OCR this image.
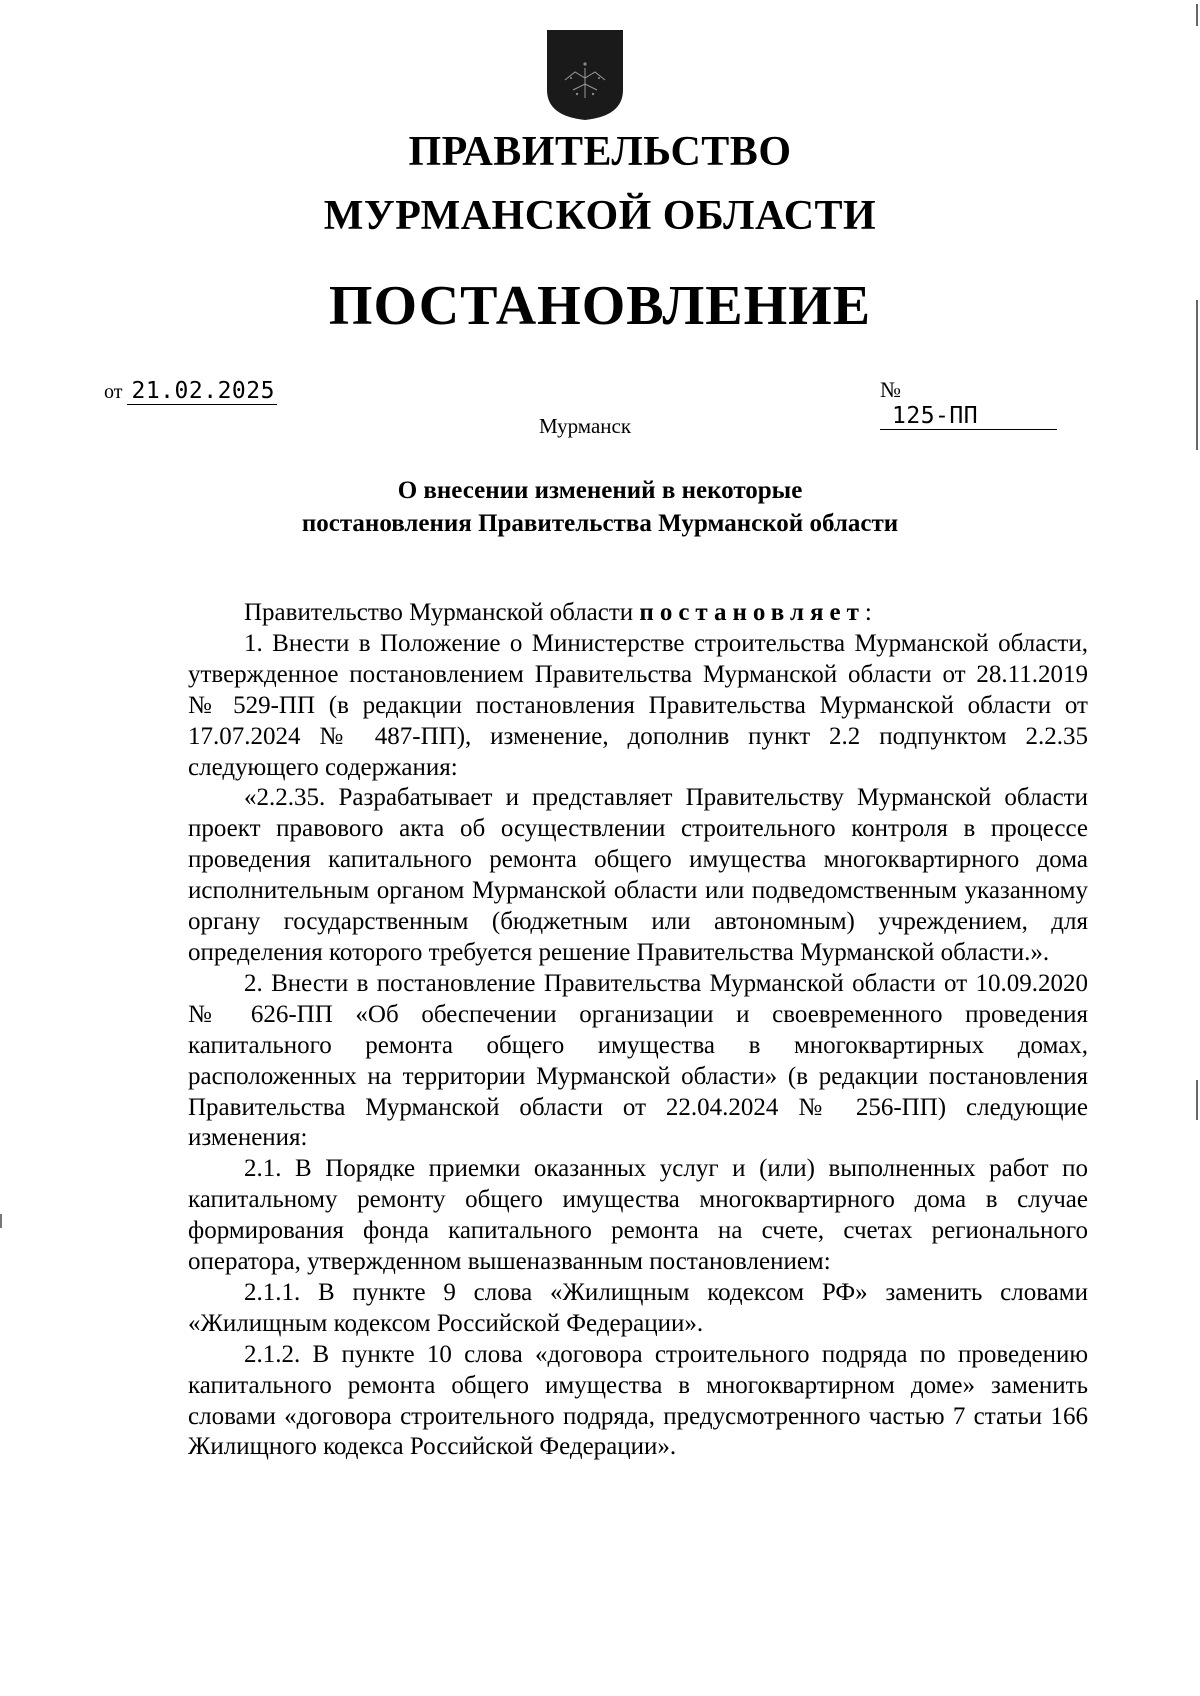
ПРАВИТЕЛЬСТВО
МУРМАНСКОЙ ОБЛАСТИ
ПОСТАНОВЛЕНИЕ
от 21.02.2025	№ 125-ПП
Мурманск
О внесении изменений в некоторые
постановления Правительства Мурманской области

Правительство Мурманской области постановляет:

1. Внести в Положение о Министерстве строительства Мурманской области, утвержденное постановлением Правительства Мурманской области от 28.11.2019 № 529-ПП (в редакции постановления Правительства Мурманской области от 17.07.2024 № 487-ПП), изменение, дополнив пункт 2.2 подпунктом 2.2.35 следующего содержания:

«2.2.35. Разрабатывает и представляет Правительству Мурманской области проект правового акта об осуществлении строительного контроля в процессе проведения капитального ремонта общего имущества многоквартирного дома исполнительным органом Мурманской области или подведомственным указанному органу государственным (бюджетным или автономным) учреждением, для определения которого требуется решение Правительства Мурманской области.».

2. Внести в постановление Правительства Мурманской области от 10.09.2020 № 626-ПП «Об обеспечении организации и своевременного проведения капитального ремонта общего имущества в многоквартирных домах, расположенных на территории Мурманской области» (в редакции постановления Правительства Мурманской области от 22.04.2024 № 256-ПП) следующие изменения:

2.1. В Порядке приемки оказанных услуг и (или) выполненных работ по капитальному ремонту общего имущества многоквартирного дома в случае формирования фонда капитального ремонта на счете, счетах регионального оператора, утвержденном вышеназванным постановлением:

2.1.1. В пункте 9 слова «Жилищным кодексом РФ» заменить словами «Жилищным кодексом Российской Федерации».

2.1.2. В пункте 10 слова «договора строительного подряда по проведению капитального ремонта общего имущества в многоквартирном доме» заменить словами «договора строительного подряда, предусмотренного частью 7 статьи 166 Жилищного кодекса Российской Федерации».
